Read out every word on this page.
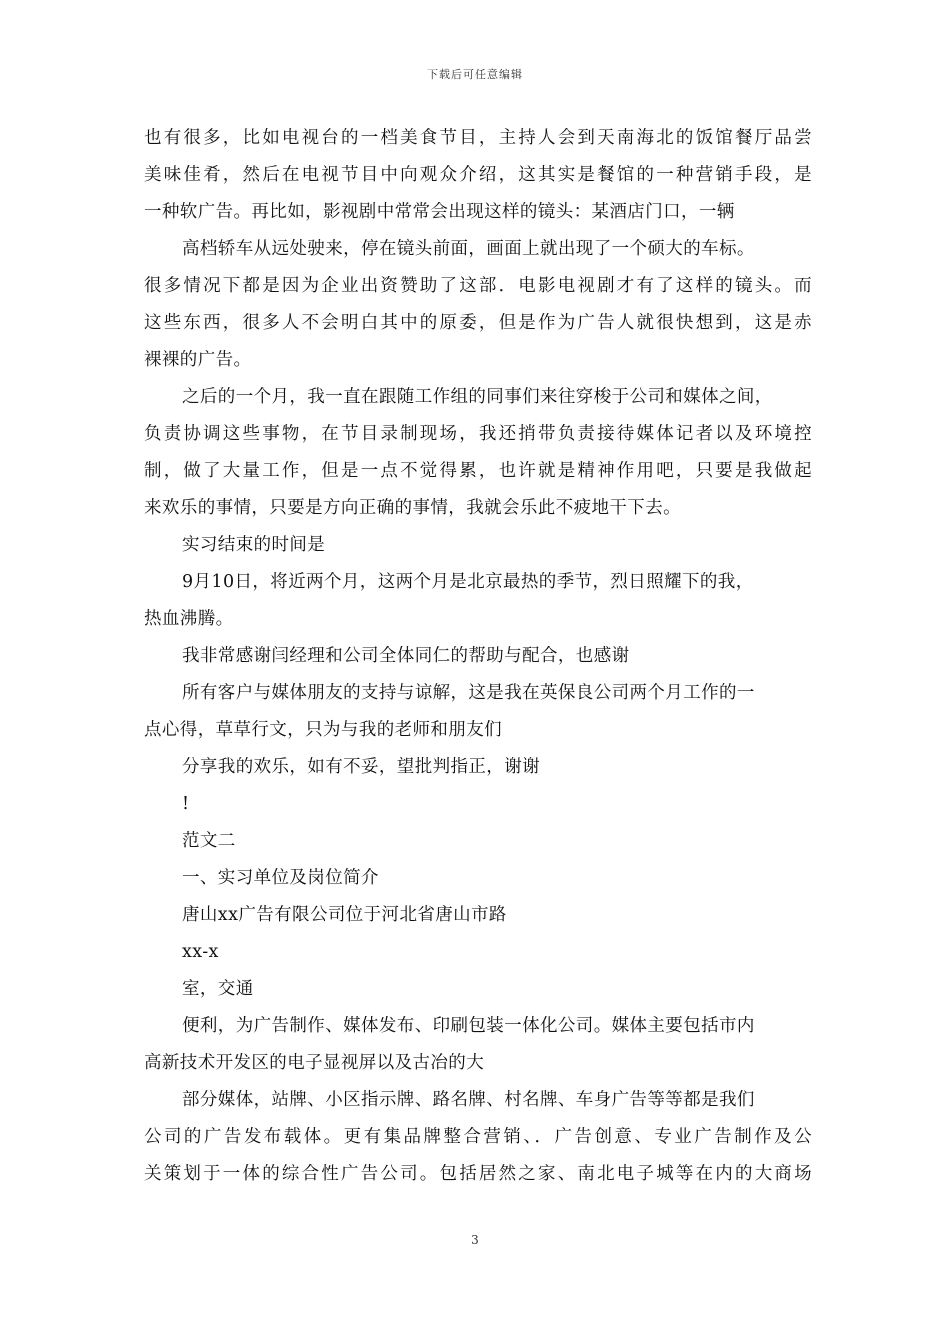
下载后可任意编辑
也有很多，比如电视台的一档美食节目，主持人会到天南海北的饭馆餐厅品尝
美味佳肴，然后在电视节目中向观众介绍，这其实是餐馆的一种营销手段，是
一种软广告。再比如，影视剧中常常会出现这样的镜头：某酒店门口，一辆
高档轿车从远处驶来，停在镜头前面，画面上就出现了一个硕大的车标。
很多情况下都是因为企业出资赞助了这部．电影电视剧才有了这样的镜头。而
这些东西，很多人不会明白其中的原委，但是作为广告人就很快想到，这是赤
裸裸的广告。
之后的一个月，我一直在跟随工作组的同事们来往穿梭于公司和媒体之间，
负责协调这些事物，在节目录制现场，我还捎带负责接待媒体记者以及环境控
制，做了大量工作，但是一点不觉得累，也许就是精神作用吧，只要是我做起
来欢乐的事情，只要是方向正确的事情，我就会乐此不疲地干下去。
实习结束的时间是
9月10日，将近两个月，这两个月是北京最热的季节，烈日照耀下的我，
热血沸腾。
我非常感谢闫经理和公司全体同仁的帮助与配合，也感谢
所有客户与媒体朋友的支持与谅解，这是我在英保良公司两个月工作的一
点心得，草草行文，只为与我的老师和朋友们
分享我的欢乐，如有不妥，望批判指正，谢谢
!
范文二
一、实习单位及岗位简介
唐山xx广告有限公司位于河北省唐山市路
xx-x
室，交通
便利，为广告制作、媒体发布、印刷包装一体化公司。媒体主要包括市内
高新技术开发区的电子显视屏以及古冶的大
部分媒体，站牌、小区指示牌、路名牌、村名牌、车身广告等等都是我们
公司的广告发布载体。更有集品牌整合营销、．广告创意、专业广告制作及公
关策划于一体的综合性广告公司。包括居然之家、南北电子城等在内的大商场
3
